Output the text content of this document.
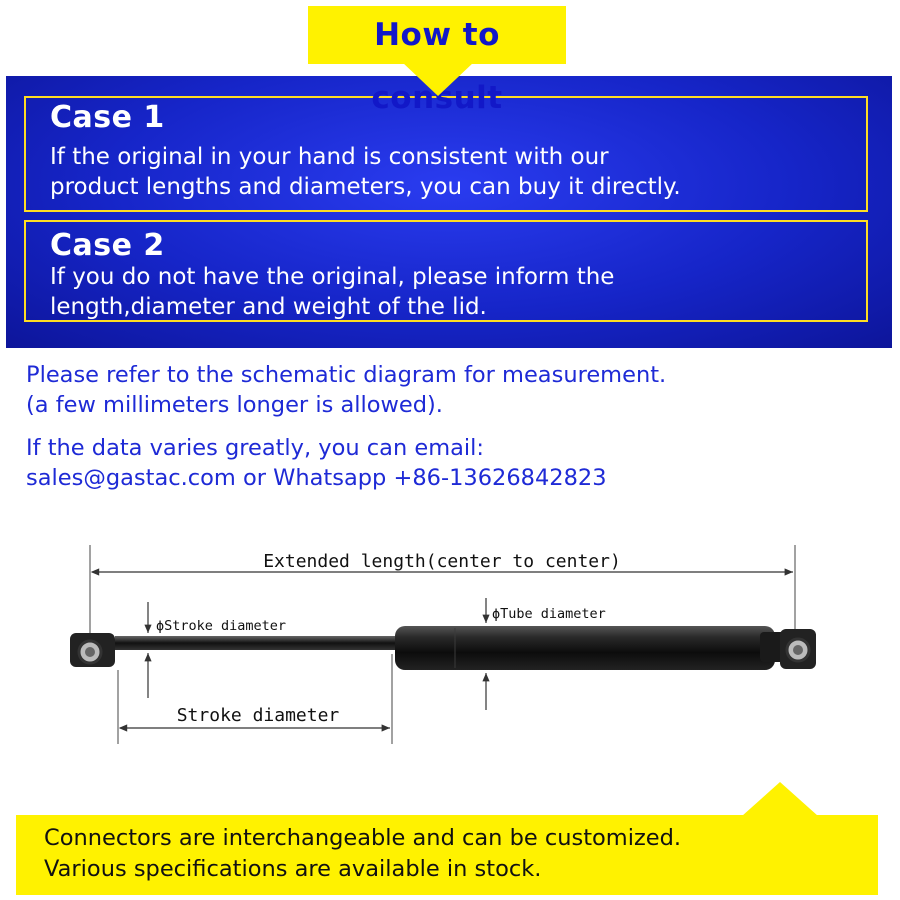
How to consult
Case 1
If the original in your hand is consistent with our
product lengths and diameters, you can buy it directly.
Case 2
If you do not have the original, please inform the
length,diameter and weight of the lid.
Please refer to the schematic diagram for measurement.
(a few millimeters longer is allowed).
If the data varies greatly, you can email:
sales@gastac.com or Whatsapp +86-13626842823
Extended length(center to center)
ϕStroke diameter
ϕTube diameter
Stroke diameter
Connectors are interchangeable and can be customized.
Various specifications are available in stock.
